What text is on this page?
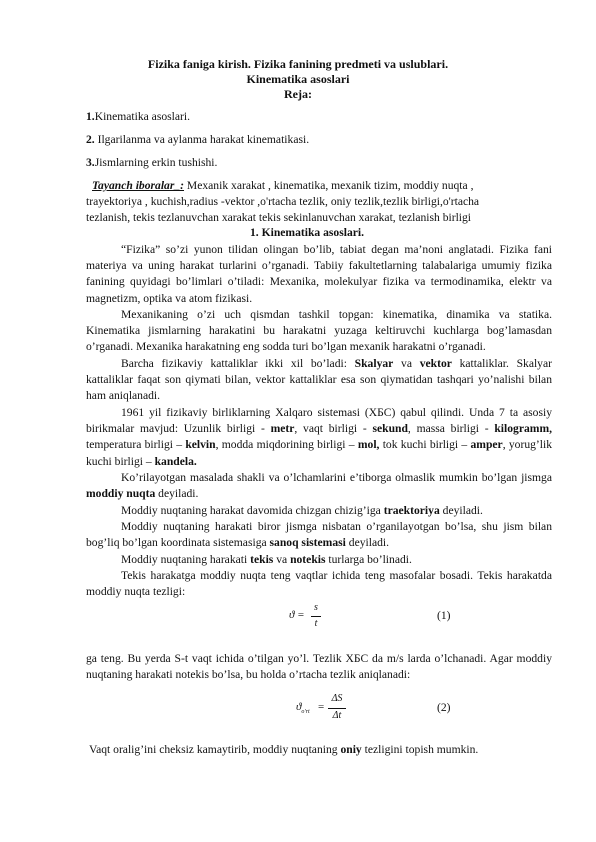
Fizika faniga kirish. Fizika fanining predmeti va uslublari.
Kinematika asoslari
Reja:
1.Kinematika asoslari.
2. Ilgarilanma va aylanma harakat kinematikasi.
3.Jismlarning erkin tushishi.
Tayanch iboralar_: Mexanik xarakat , kinematika, mexanik tizim, moddiy nuqta ,
trayektoriya , kuchish,radius -vektor ,o'rtacha tezlik, oniy tezlik,tezlik birligi,o'rtacha
tezlanish, tekis tezlanuvchan xarakat tekis sekinlanuvchan xarakat, tezlanish birligi
1. Kinematika asoslari.
“Fizika” so’zi yunon tilidan olingan bo’lib, tabiat degan ma’noni anglatadi. Fizika fani materiya va uning harakat turlarini o’rganadi. Tabiiy fakultetlarning talabalariga umumiy fizika fanining quyidagi bo’limlari o’tiladi: Mexanika, molekulyar fizika va termodinamika, elektr va magnetizm, optika va atom fizikasi.
Mexanikaning o’zi uch qismdan tashkil topgan: kinematika, dinamika va statika. Kinematika jismlarning harakatini bu harakatni yuzaga keltiruvchi kuchlarga bog’lamasdan o’rganadi. Mexanika harakatning eng sodda turi bo’lgan mexanik harakatni o’rganadi.
Barcha fizikaviy kattaliklar ikki xil bo’ladi: Skalyar va vektor kattaliklar. Skalyar kattaliklar faqat son qiymati bilan, vektor kattaliklar esa son qiymatidan tashqari yo’nalishi bilan ham aniqlanadi.
1961 yil fizikaviy birliklarning Xalqaro sistemasi (ХБС) qabul qilindi. Unda 7 ta asosiy birikmalar mavjud: Uzunlik birligi - metr, vaqt birligi - sekund, massa birligi - kilogramm, temperatura birligi – kelvin, modda miqdorining birligi – mol, tok kuchi birligi – amper, yorug’lik kuchi birligi – kandela.
Ko’rilayotgan masalada shakli va o’lchamlarini e’tiborga olmaslik mumkin bo’lgan jismga moddiy nuqta deyiladi.
Moddiy nuqtaning harakat davomida chizgan chizig’iga traektoriya deyiladi.
Moddiy nuqtaning harakati biror jismga nisbatan o’rganilayotgan bo’lsa, shu jism bilan bog’liq bo’lgan koordinata sistemasiga sanoq sistemasi deyiladi.
Moddiy nuqtaning harakati tekis va notekis turlarga bo’linadi.
Tekis harakatga moddiy nuqta teng vaqtlar ichida teng masofalar bosadi. Tekis harakatda moddiy nuqta tezligi:
ϑ =
s
t
(1)
ga teng. Bu yerda S-t vaqt ichida o’tilgan yo’l. Tezlik ХБС da m/s larda o’lchanadi. Agar moddiy nuqtaning harakati notekis bo’lsa, bu holda o’rtacha tezlik aniqlanadi:
$ϑ_{o'rt}$ =
ΔS
Δt
(2)
Vaqt oralig’ini cheksiz kamaytirib, moddiy nuqtaning oniy tezligini topish mumkin.
